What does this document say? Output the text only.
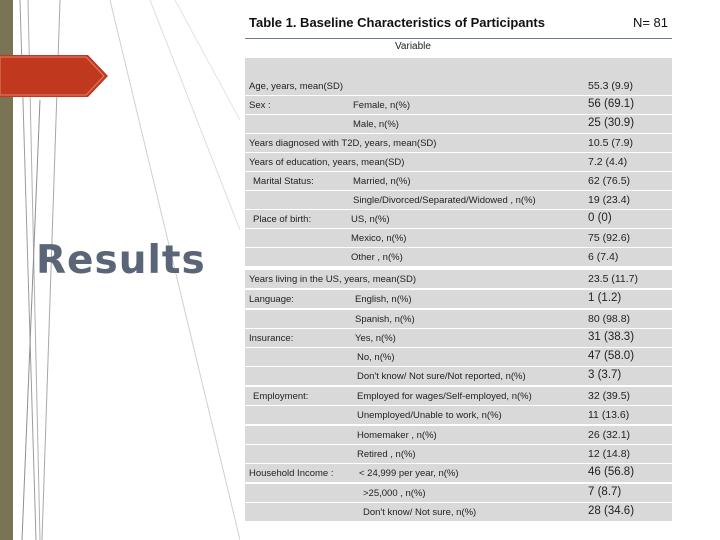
Results
Table 1. Baseline Characteristics of Participants	N= 81
Variable
Age, years, mean(SD)	55.3 (9.9)
Sex :	Female, n(%)	56 (69.1)
Male, n(%)	25 (30.9)
Years diagnosed with T2D, years, mean(SD)	10.5 (7.9)
Years of education, years, mean(SD)	7.2 (4.4)
Marital Status:	Married, n(%)	62 (76.5)
Single/Divorced/Separated/Widowed , n(%)	19 (23.4)
Place of birth:	US, n(%)	0 (0)
Mexico, n(%)	75 (92.6)
Other , n(%)	6 (7.4)
Years living in the US, years, mean(SD)	23.5 (11.7)
Language:	English, n(%)	1 (1.2)
Spanish, n(%)	80 (98.8)
Insurance:	Yes, n(%)	31 (38.3)
No, n(%)	47 (58.0)
Don't know/ Not sure/Not reported, n(%)	3 (3.7)
Employment:	Employed for wages/Self-employed, n(%)	32 (39.5)
Unemployed/Unable to work, n(%)	11 (13.6)
Homemaker , n(%)	26 (32.1)
Retired , n(%)	12 (14.8)
Household Income :	< 24,999 per year, n(%)	46 (56.8)
>25,000 , n(%)	7 (8.7)
Don't know/ Not sure, n(%)	28 (34.6)
